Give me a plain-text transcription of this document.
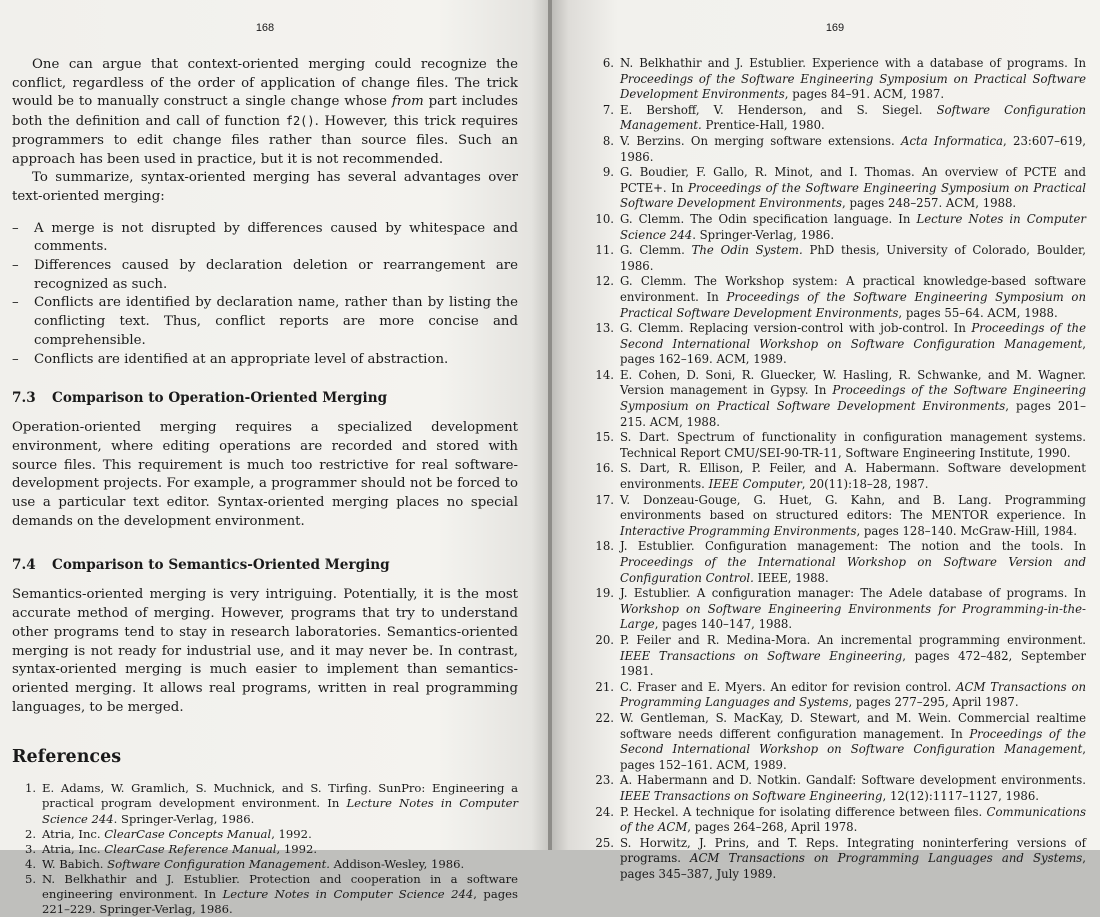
168

One can argue that context-oriented merging could recognize the conflict, regardless of the order of application of change files. The trick would be to manually construct a single change whose from part includes both the definition and call of function f2(). However, this trick requires programmers to edit change files rather than source files. Such an approach has been used in practice, but it is not recommended.

To summarize, syntax-oriented merging has several advantages over text-oriented merging:

– A merge is not disrupted by differences caused by whitespace and comments.
– Differences caused by declaration deletion or rearrangement are recognized as such.
– Conflicts are identified by declaration name, rather than by listing the conflicting text. Thus, conflict reports are more concise and comprehensible.
– Conflicts are identified at an appropriate level of abstraction.
7.3 Comparison to Operation-Oriented Merging

Operation-oriented merging requires a specialized development environment, where editing operations are recorded and stored with source files. This requirement is much too restrictive for real software-development projects. For example, a programmer should not be forced to use a particular text editor. Syntax-oriented merging places no special demands on the development environment.

7.4 Comparison to Semantics-Oriented Merging

Semantics-oriented merging is very intriguing. Potentially, it is the most accurate method of merging. However, programs that try to understand other programs tend to stay in research laboratories. Semantics-oriented merging is not ready for industrial use, and it may never be. In contrast, syntax-oriented merging is much easier to implement than semantics-oriented merging. It allows real programs, written in real programming languages, to be merged.

References
1. E. Adams, W. Gramlich, S. Muchnick, and S. Tirfing. SunPro: Engineering a practical program development environment. In Lecture Notes in Computer Science 244. Springer-Verlag, 1986.
2. Atria, Inc. ClearCase Concepts Manual, 1992.
3. Atria, Inc. ClearCase Reference Manual, 1992.
4. W. Babich. Software Configuration Management. Addison-Wesley, 1986.
5. N. Belkhathir and J. Estublier. Protection and cooperation in a software engineering environment. In Lecture Notes in Computer Science 244, pages 221–229. Springer-Verlag, 1986.
169
6. N. Belkhathir and J. Estublier. Experience with a database of programs. In Proceedings of the Software Engineering Symposium on Practical Software Development Environments, pages 84–91. ACM, 1987.
7. E. Bershoff, V. Henderson, and S. Siegel. Software Configuration Management. Prentice-Hall, 1980.
8. V. Berzins. On merging software extensions. Acta Informatica, 23:607–619, 1986.
9. G. Boudier, F. Gallo, R. Minot, and I. Thomas. An overview of PCTE and PCTE+. In Proceedings of the Software Engineering Symposium on Practical Software Development Environments, pages 248–257. ACM, 1988.
10. G. Clemm. The Odin specification language. In Lecture Notes in Computer Science 244. Springer-Verlag, 1986.
11. G. Clemm. The Odin System. PhD thesis, University of Colorado, Boulder, 1986.
12. G. Clemm. The Workshop system: A practical knowledge-based software environment. In Proceedings of the Software Engineering Symposium on Practical Software Development Environments, pages 55–64. ACM, 1988.
13. G. Clemm. Replacing version-control with job-control. In Proceedings of the Second International Workshop on Software Configuration Management, pages 162–169. ACM, 1989.
14. E. Cohen, D. Soni, R. Gluecker, W. Hasling, R. Schwanke, and M. Wagner. Version management in Gypsy. In Proceedings of the Software Engineering Symposium on Practical Software Development Environments, pages 201–215. ACM, 1988.
15. S. Dart. Spectrum of functionality in configuration management systems. Technical Report CMU/SEI-90-TR-11, Software Engineering Institute, 1990.
16. S. Dart, R. Ellison, P. Feiler, and A. Habermann. Software development environments. IEEE Computer, 20(11):18–28, 1987.
17. V. Donzeau-Gouge, G. Huet, G. Kahn, and B. Lang. Programming environments based on structured editors: The MENTOR experience. In Interactive Programming Environments, pages 128–140. McGraw-Hill, 1984.
18. J. Estublier. Configuration management: The notion and the tools. In Proceedings of the International Workshop on Software Version and Configuration Control. IEEE, 1988.
19. J. Estublier. A configuration manager: The Adele database of programs. In Workshop on Software Engineering Environments for Programming-in-the-Large, pages 140–147, 1988.
20. P. Feiler and R. Medina-Mora. An incremental programming environment. IEEE Transactions on Software Engineering, pages 472–482, September 1981.
21. C. Fraser and E. Myers. An editor for revision control. ACM Transactions on Programming Languages and Systems, pages 277–295, April 1987.
22. W. Gentleman, S. MacKay, D. Stewart, and M. Wein. Commercial realtime software needs different configuration management. In Proceedings of the Second International Workshop on Software Configuration Management, pages 152–161. ACM, 1989.
23. A. Habermann and D. Notkin. Gandalf: Software development environments. IEEE Transactions on Software Engineering, 12(12):1117–1127, 1986.
24. P. Heckel. A technique for isolating difference between files. Communications of the ACM, pages 264–268, April 1978.
25. S. Horwitz, J. Prins, and T. Reps. Integrating noninterfering versions of programs. ACM Transactions on Programming Languages and Systems, pages 345–387, July 1989.
